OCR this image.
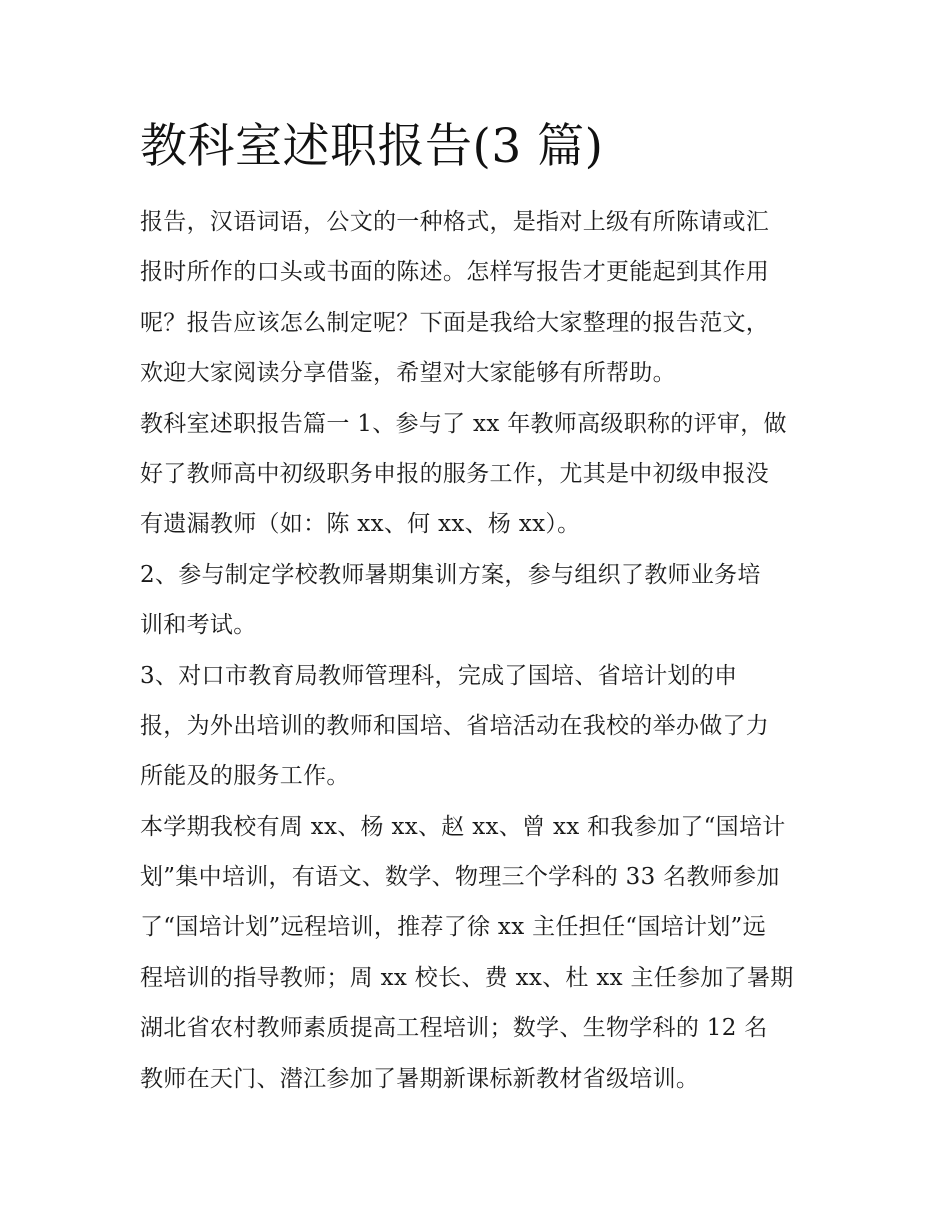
教科室述职报告(3 篇)
报告，汉语词语，公文的一种格式，是指对上级有所陈请或汇
报时所作的口头或书面的陈述。怎样写报告才更能起到其作用
呢？报告应该怎么制定呢？下面是我给大家整理的报告范文，
欢迎大家阅读分享借鉴，希望对大家能够有所帮助。
教科室述职报告篇一 1、参与了 xx 年教师高级职称的评审，做
好了教师高中初级职务申报的服务工作，尤其是中初级申报没
有遗漏教师（如：陈 xx、何 xx、杨 xx）。
2、参与制定学校教师暑期集训方案，参与组织了教师业务培
训和考试。
3、对口市教育局教师管理科，完成了国培、省培计划的申
报，为外出培训的教师和国培、省培活动在我校的举办做了力
所能及的服务工作。
本学期我校有周 xx、杨 xx、赵 xx、曾 xx 和我参加了“国培计
划”集中培训，有语文、数学、物理三个学科的 33 名教师参加
了“国培计划”远程培训，推荐了徐 xx 主任担任“国培计划”远
程培训的指导教师；周 xx 校长、费 xx、杜 xx 主任参加了暑期
湖北省农村教师素质提高工程培训；数学、生物学科的 12 名
教师在天门、潜江参加了暑期新课标新教材省级培训。
